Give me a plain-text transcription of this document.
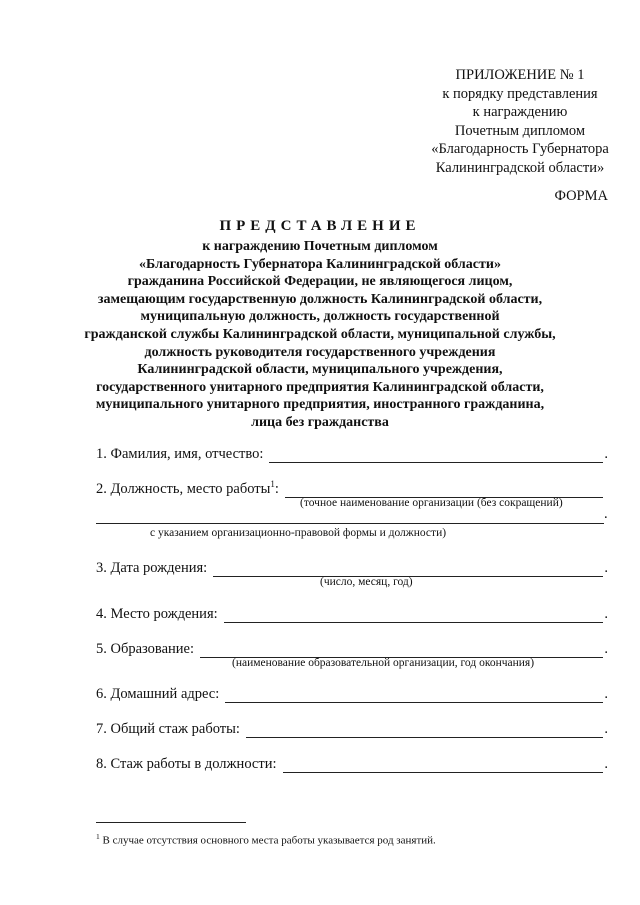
ПРИЛОЖЕНИЕ № 1
к порядку представления
к награждению
Почетным дипломом
«Благодарность Губернатора
Калининградской области»
ФОРМА
ПРЕДСТАВЛЕНИЕ
к награждению Почетным дипломом
«Благодарность Губернатора Калининградской области»
гражданина Российской Федерации, не являющегося лицом,
замещающим государственную должность Калининградской области,
муниципальную должность, должность государственной
гражданской службы Калининградской области, муниципальной службы,
должность руководителя государственного учреждения
Калининградской области, муниципального учреждения,
государственного унитарного предприятия Калининградской области,
муниципального унитарного предприятия, иностранного гражданина,
лица без гражданства
1. Фамилия, имя, отчество:	.
2. Должность, место работы$^1$:
(точное наименование организации (без сокращений)
.
с указанием организационно-правовой формы и должности)
3. Дата рождения:	.
(число, месяц, год)
4. Место рождения:	.
5. Образование:	.
(наименование образовательной организации, год окончания)
6. Домашний адрес:	.
7. Общий стаж работы:	.
8. Стаж работы в должности:	.
$^1$ В случае отсутствия основного места работы указывается род занятий.
